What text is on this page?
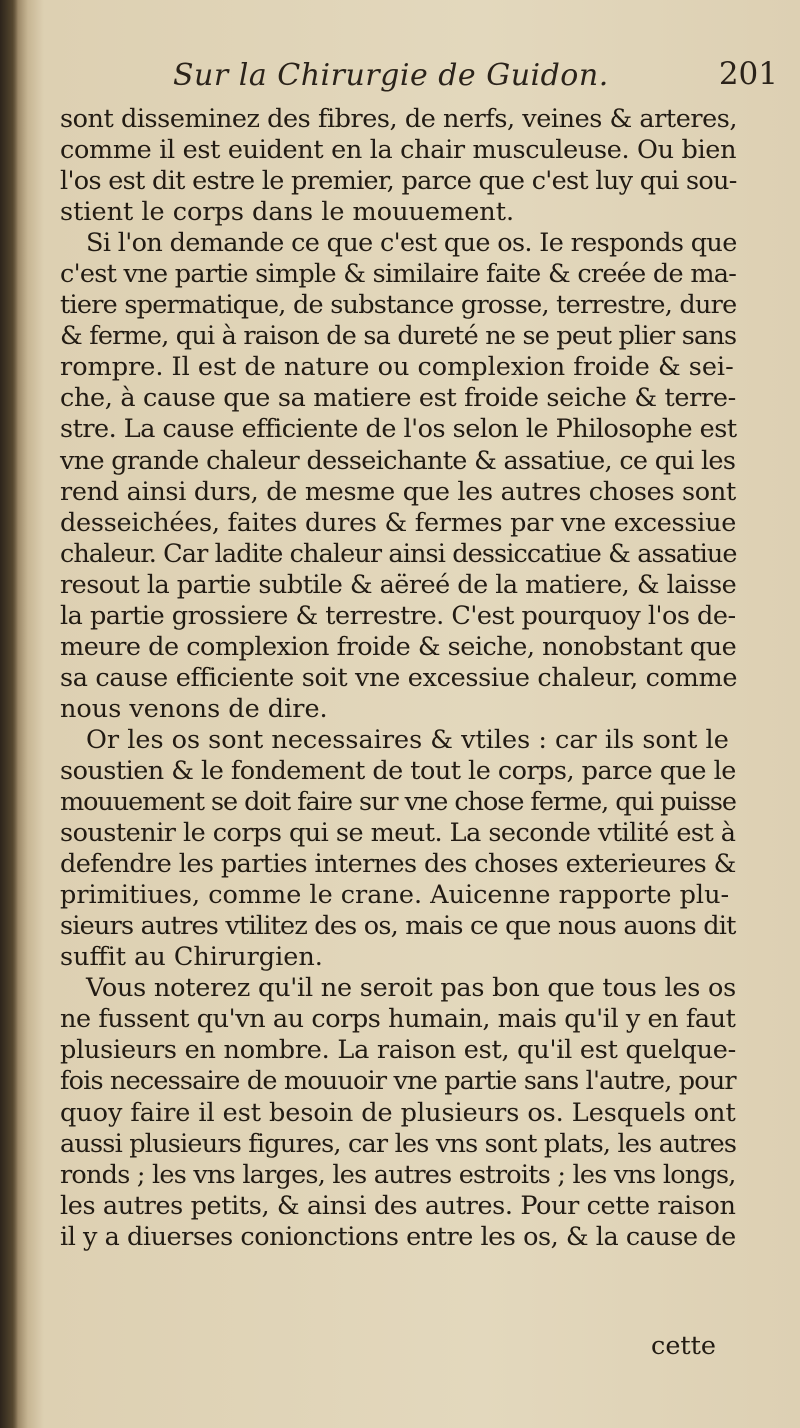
Sur la Chirurgie de Guidon.	201
sont disseminez des fibres, de nerfs, veines & arteres,
comme il est euident en la chair musculeuse. Ou bien
l'os est dit estre le premier, parce que c'est luy qui sou-
stient le corps dans le mouuement.
Si l'on demande ce que c'est que os. Ie responds que
c'est vne partie simple & similaire faite & creée de ma-
tiere spermatique, de substance grosse, terrestre, dure
& ferme, qui à raison de sa dureté ne se peut plier sans
rompre. Il est de nature ou complexion froide & sei-
che, à cause que sa matiere est froide seiche & terre-
stre. La cause efficiente de l'os selon le Philosophe est
vne grande chaleur desseichante & assatiue, ce qui les
rend ainsi durs, de mesme que les autres choses sont
desseichées, faites dures & fermes par vne excessiue
chaleur. Car ladite chaleur ainsi dessiccatiue & assatiue
resout la partie subtile & aëreé de la matiere, & laisse
la partie grossiere & terrestre. C'est pourquoy l'os de-
meure de complexion froide & seiche, nonobstant que
sa cause efficiente soit vne excessiue chaleur, comme
nous venons de dire.
Or les os sont necessaires & vtiles : car ils sont le
soustien & le fondement de tout le corps, parce que le
mouuement se doit faire sur vne chose ferme, qui puisse
soustenir le corps qui se meut. La seconde vtilité est à
defendre les parties internes des choses exterieures &
primitiues, comme le crane. Auicenne rapporte plu-
sieurs autres vtilitez des os, mais ce que nous auons dit
suffit au Chirurgien.
Vous noterez qu'il ne seroit pas bon que tous les os
ne fussent qu'vn au corps humain, mais qu'il y en faut
plusieurs en nombre. La raison est, qu'il est quelque-
fois necessaire de mouuoir vne partie sans l'autre, pour
quoy faire il est besoin de plusieurs os. Lesquels ont
aussi plusieurs figures, car les vns sont plats, les autres
ronds ; les vns larges, les autres estroits ; les vns longs,
les autres petits, & ainsi des autres. Pour cette raison
il y a diuerses conionctions entre les os, & la cause de
cette
